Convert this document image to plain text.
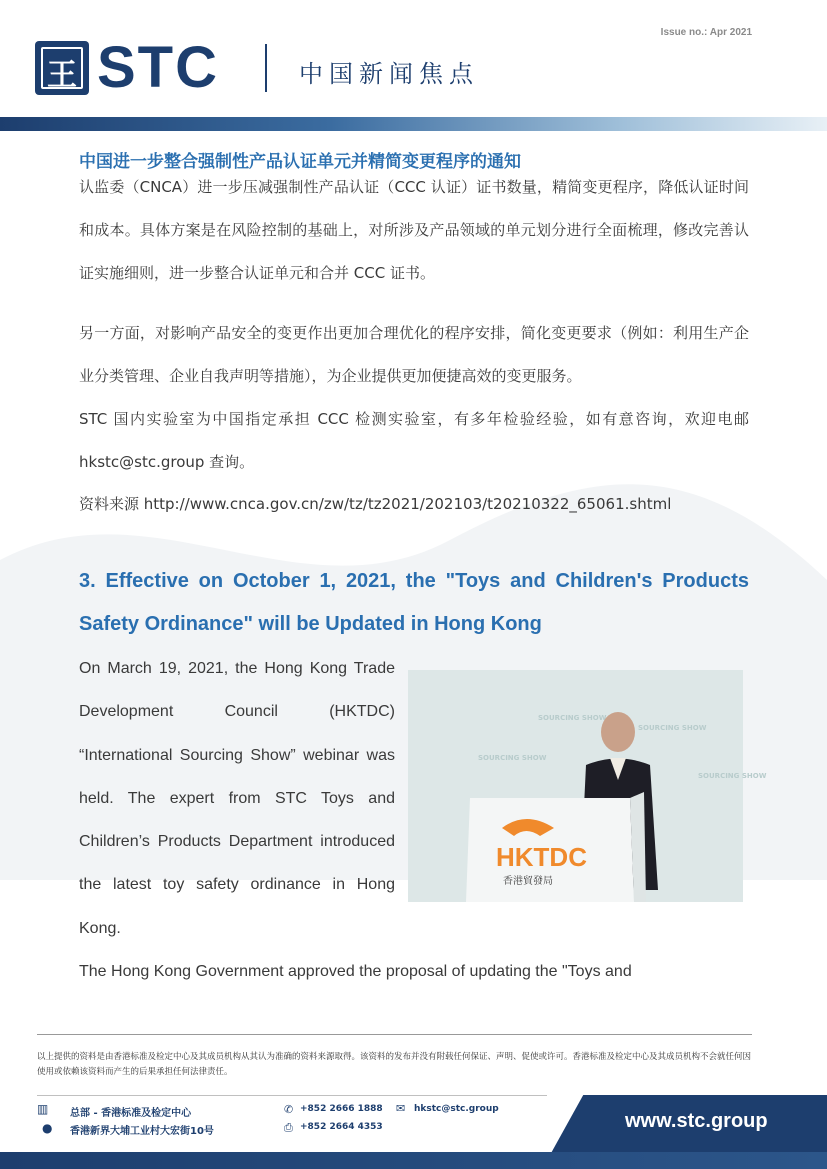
Issue no.: Apr 2021
王 STC	中国新闻焦点
中国进一步整合强制性产品认证单元并精简变更程序的通知
认监委（CNCA）进一步压减强制性产品认证（CCC 认证）证书数量，精简变更程序，降低认证时间和成本。具体方案是在风险控制的基础上，对所涉及产品领域的单元划分进行全面梳理，修改完善认证实施细则，进一步整合认证单元和合并 CCC 证书。
另一方面，对影响产品安全的变更作出更加合理优化的程序安排，简化变更要求（例如：利用生产企业分类管理、企业自我声明等措施），为企业提供更加便捷高效的变更服务。
STC 国内实验室为中国指定承担 CCC 检测实验室，有多年检验经验，如有意咨询，欢迎电邮 hkstc@stc.group 查询。
资料来源 http://www.cnca.gov.cn/zw/tz/tz2021/202103/t20210322_65061.shtml
3. Effective on October 1, 2021, the "Toys and Children's Products Safety Ordinance" will be Updated in Hong Kong
On March 19, 2021, the Hong Kong Trade Development Council (HKTDC) “International Sourcing Show” webinar was held. The expert from STC Toys and Children’s Products Department introduced the latest toy safety ordinance in Hong Kong.
SOURCING SHOW
SOURCING SHOW
SOURCING SHOW
SOURCING SHOW
HKTDC
香港貿發局
The Hong Kong Government approved the proposal of updating the "Toys and
以上提供的资料是由香港标准及检定中心及其成员机构从其认为准确的资料来源取得。该资料的发布并没有附载任何保证、声明、促使或许可。香港标准及检定中心及其成员机构不会就任何因使用或依赖该资料而产生的后果承担任何法律责任。
▥ 总部 - 香港标准及检定中心
● 香港新界大埔工业村大宏街10号
✆ +852 2666 1888
⎙ +852 2664 4353
✉ hkstc@stc.group
www.stc.group
